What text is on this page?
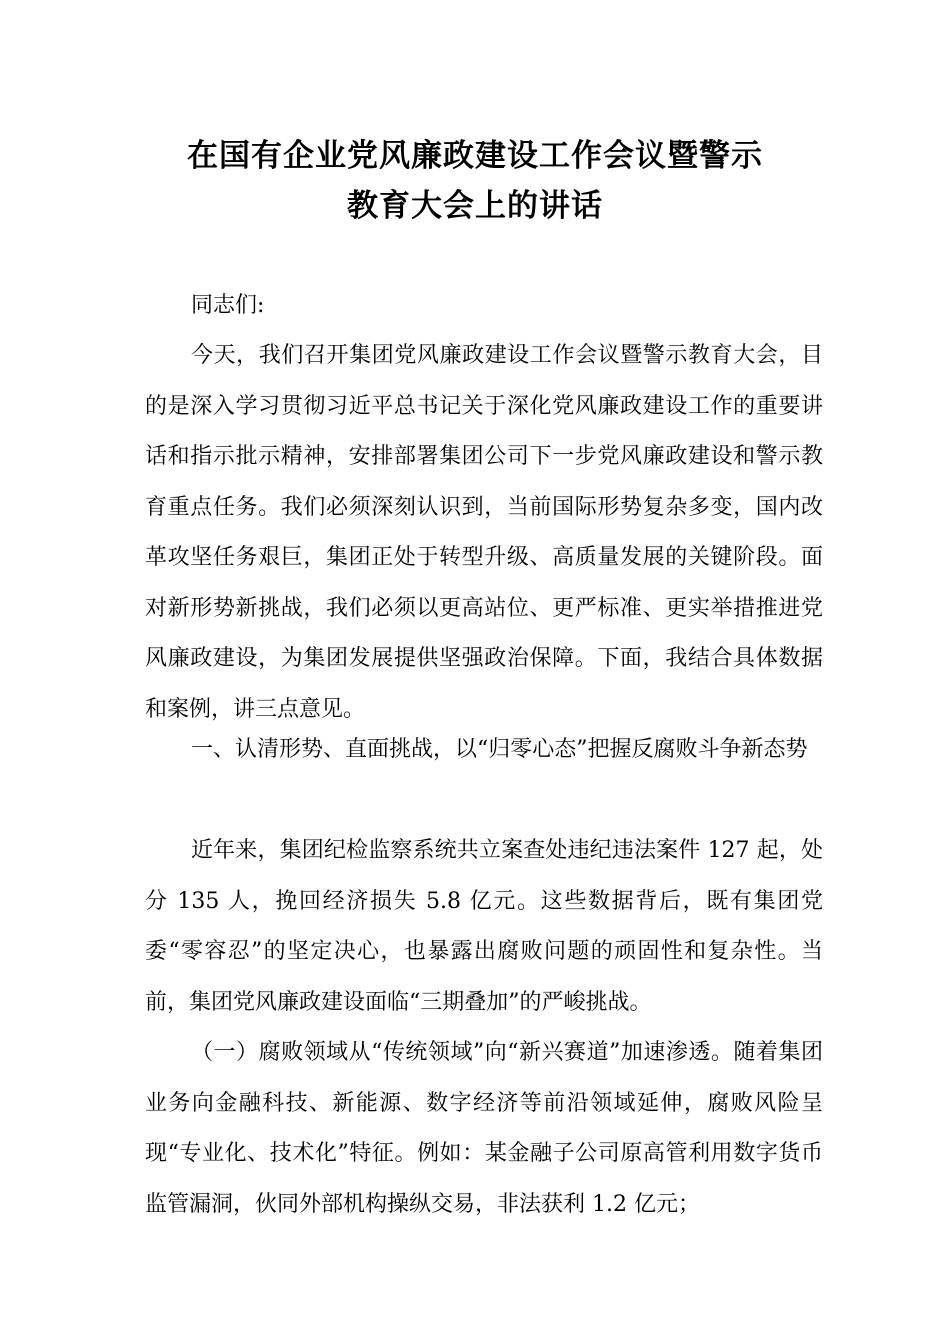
在国有企业党风廉政建设工作会议暨警示
教育大会上的讲话

同志们:

今天，我们召开集团党风廉政建设工作会议暨警示教育大会，目的是深入学习贯彻习近平总书记关于深化党风廉政建设工作的重要讲话和指示批示精神，安排部署集团公司下一步党风廉政建设和警示教育重点任务。我们必须深刻认识到，当前国际形势复杂多变，国内改革攻坚任务艰巨，集团正处于转型升级、高质量发展的关键阶段。面对新形势新挑战，我们必须以更高站位、更严标准、更实举措推进党风廉政建设，为集团发展提供坚强政治保障。下面，我结合具体数据和案例，讲三点意见。

一、认清形势、直面挑战，以“归零心态”把握反腐败斗争新态势

近年来，集团纪检监察系统共立案查处违纪违法案件 127 起，处分 135 人，挽回经济损失 5.8 亿元。这些数据背后，既有集团党委“零容忍”的坚定决心，也暴露出腐败问题的顽固性和复杂性。当前，集团党风廉政建设面临“三期叠加”的严峻挑战。

（一）腐败领域从“传统领域”向“新兴赛道”加速渗透。随着集团业务向金融科技、新能源、数字经济等前沿领域延伸，腐败风险呈现“专业化、技术化”特征。例如：某金融子公司原高管利用数字货币监管漏洞，伙同外部机构操纵交易，非法获利 1.2 亿元；
